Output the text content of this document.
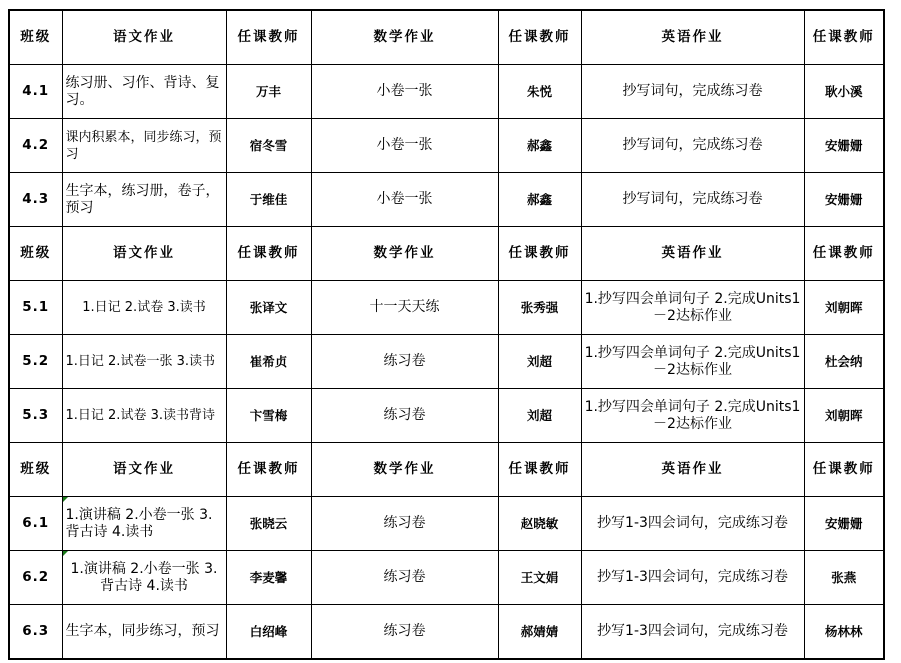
班级	语文作业	任课教师	数学作业	任课教师	英语作业	任课教师
4.1	练习册、习作、背诗、复习。	万丰	小卷一张	朱悦	抄写词句，完成练习卷	耿小溪
4.2	课内积累本，同步练习，预习	宿冬雪	小卷一张	郝鑫	抄写词句，完成练习卷	安姗姗
4.3	生字本，练习册，卷子，预习	于维佳	小卷一张	郝鑫	抄写词句，完成练习卷	安姗姗
班级	语文作业	任课教师	数学作业	任课教师	英语作业	任课教师
5.1	1.日记 2.试卷 3.读书	张译文	十一天天练	张秀强	1.抄写四会单词句子 2.完成Units1－2达标作业	刘朝晖
5.2	1.日记 2.试卷一张 3.读书	崔希贞	练习卷	刘超	1.抄写四会单词句子 2.完成Units1－2达标作业	杜会纳
5.3	1.日记 2.试卷 3.读书背诗	卞雪梅	练习卷	刘超	1.抄写四会单词句子 2.完成Units1－2达标作业	刘朝晖
班级	语文作业	任课教师	数学作业	任课教师	英语作业	任课教师
6.1	1.演讲稿 2.小卷一张 3.背古诗 4.读书	张晓云	练习卷	赵晓敏	抄写1-3四会词句，完成练习卷	安姗姗
6.2	1.演讲稿 2.小卷一张 3.背古诗 4.读书	李麦馨	练习卷	王文娟	抄写1-3四会词句，完成练习卷	张燕
6.3	生字本，同步练习，预习	白绍峰	练习卷	郝婧婧	抄写1-3四会词句，完成练习卷	杨林林
